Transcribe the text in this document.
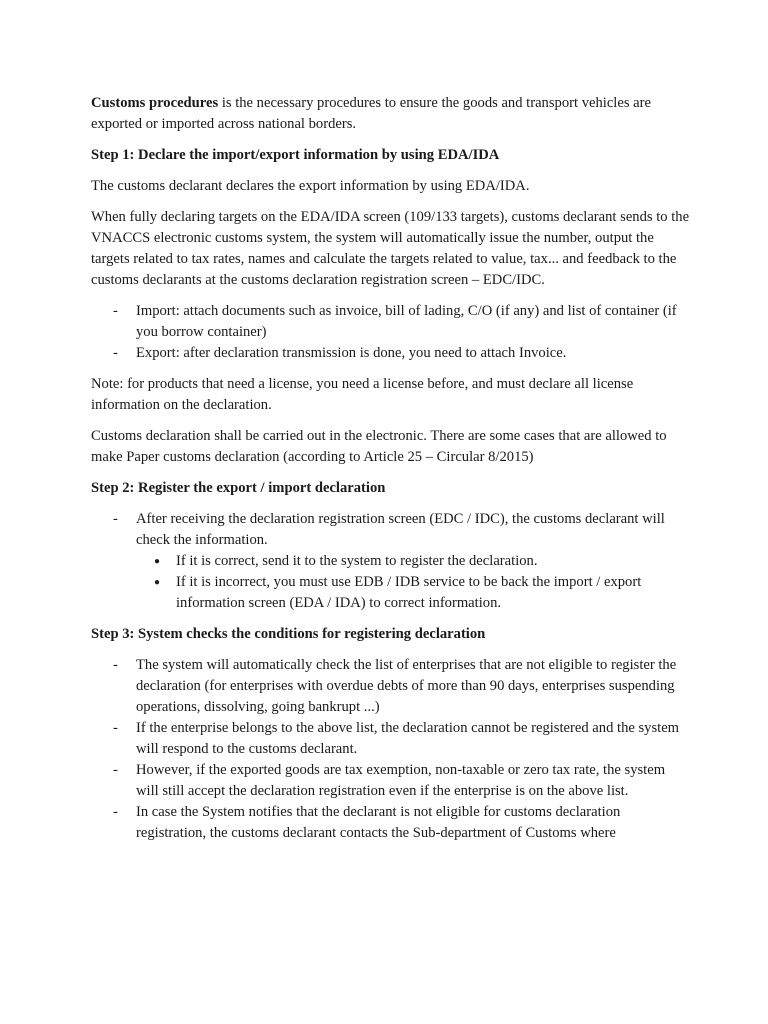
Customs procedures is the necessary procedures to ensure the goods and transport vehicles are exported or imported across national borders.

Step 1: Declare the import/export information by using EDA/IDA

The customs declarant declares the export information by using EDA/IDA.

When fully declaring targets on the EDA/IDA screen (109/133 targets), customs declarant sends to the VNACCS electronic customs system, the system will automatically issue the number, output the targets related to tax rates, names and calculate the targets related to value, tax... and feedback to the customs declarants at the customs declaration registration screen – EDC/IDC.

- Import: attach documents such as invoice, bill of lading, C/O (if any) and list of container (if you borrow container)
- Export: after declaration transmission is done, you need to attach Invoice.

Note: for products that need a license, you need a license before, and must declare all license information on the declaration.

Customs declaration shall be carried out in the electronic. There are some cases that are allowed to make Paper customs declaration (according to Article 25 – Circular 8/2015)

Step 2: Register the export / import declaration

- After receiving the declaration registration screen (EDC / IDC), the customs declarant will check the information.
● If it is correct, send it to the system to register the declaration.
● If it is incorrect, you must use EDB / IDB service to be back the import / export information screen (EDA / IDA) to correct information.

Step 3: System checks the conditions for registering declaration

- The system will automatically check the list of enterprises that are not eligible to register the declaration (for enterprises with overdue debts of more than 90 days, enterprises suspending operations, dissolving, going bankrupt ...)
- If the enterprise belongs to the above list, the declaration cannot be registered and the system will respond to the customs declarant.
- However, if the exported goods are tax exemption, non-taxable or zero tax rate, the system will still accept the declaration registration even if the enterprise is on the above list.
- In case the System notifies that the declarant is not eligible for customs declaration registration, the customs declarant contacts the Sub-department of Customs where
